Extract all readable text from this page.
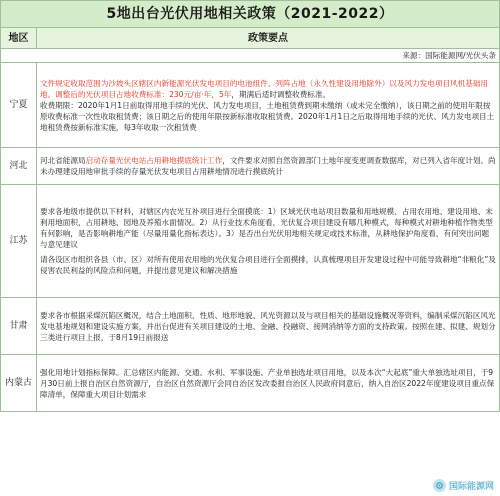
5地出台光伏用地相关政策（2021-2022）	
地区	政策要点
来源：国际能源网/光伏头条	
宁夏	文件规定收取范围为沙坡头区辖区内新能源光伏发电项目的电池组件、列阵占地（永久性建设用地除外）以及风力发电项目风机基础用地。调整后的光伏项目占地收费标准：230元/亩·年，5年，期满后适时调整收费标准。
收费期限：2020年1月1日前取得用地手续的光伏、风力发电项目，土地租赁费到期未缴纳（或未完全缴纳），该日期之前的使用年限按原收费标准一次性收取租赁费；该日期之后的使用年限按新标准收取租赁费。2020年1月1日之后取得用地手续的光伏、风力发电项目土地租赁费按新标准实施，每3年收取一次租赁费

河北	河北省能源局启动存量光伏电站占用耕地摸底统计工作，文件要求对照自然资源部门土地年度变更调查数据库，对已列入省年度计划、尚未办理建设用地审批手续的存量光伏发电项目占用耕地情况进行摸底统计
江苏	要求各地级市提供以下材料，对辖区内农光互补项目进行全面摸底：1）区域光伏电站项目数量和用地规模、占用农用地、建设用地、未利用地面积，占用耕地、园地及养殖水面情况。2）从行业技术角度看，光伏复合项目建设有哪几种模式，每种模式对耕地种植作物类型有何影响，是否影响耕地产能（尽量用量化指标表达）。3）是否出台光伏用地相关规定或技术标准，从耕地保护角度看，有何突出问题与意见建议
请各设区市组织各县（市、区）对所有使用农用地的光伏复合项目进行全面摸排，认真梳理项目开发建设过程中可能导致耕地“非粮化”及侵害农民利益的风险点和问题，并提出意见建议和解决措施

甘肃	要求各市根据采煤沉陷区概况，结合土地面积、性质、地形地貌、风光资源以及与项目相关的基础设施概况等资料，编制采煤沉陷区风光发电基地规划和建设实施方案，并出台促进有关项目建设的土地、金融、投融资、接网消纳等方面的支持政策。按照在建、拟建、规划分三类进行项目上报，于8月19日前报送
内蒙古	强化用地计划指标保障。汇总辖区内能源、交通、水利、军事设施、产业单独选址项目用地，以及本次“大起底”重大单独选址项目，于9月30日前上报自治区自然资源厅，自治区自然资源厅会同自治区发改委报自治区人民政府同意后，纳入自治区2022年度建设项目重点保障清单，保障重大项目计划需求
国际能源网
